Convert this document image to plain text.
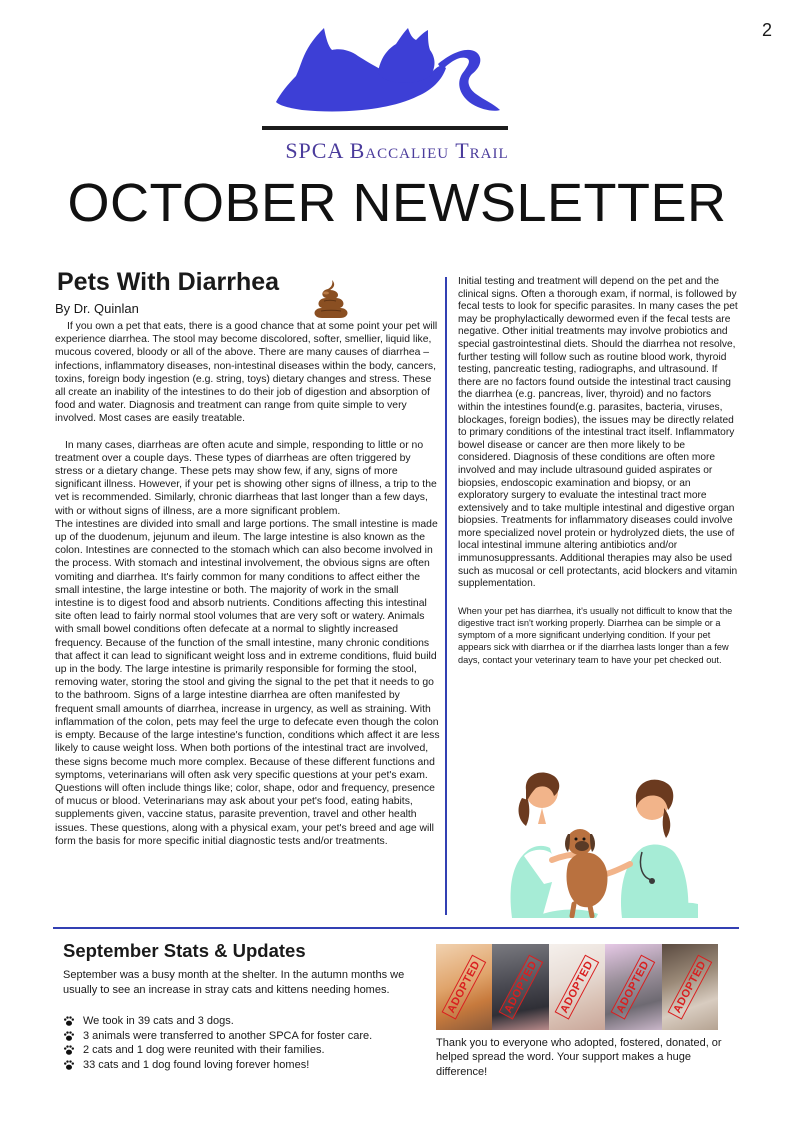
2
SPCA Baccalieu Trail
OCTOBER NEWSLETTER
Pets With Diarrhea
By Dr. Quinlan

If you own a pet that eats, there is a good chance that at some point your pet will experience diarrhea. The stool may become discolored, softer, smellier, liquid like, mucous covered, bloody or all of the above. There are many causes of diarrhea – infections, inflammatory diseases, non-intestinal diseases within the body, cancers, toxins, foreign body ingestion (e.g. string, toys) dietary changes and stress. These all create an inability of the intestines to do their job of digestion and absorption of food and water. Diagnosis and treatment can range from quite simple to very involved. Most cases are easily treatable.

In many cases, diarrheas are often acute and simple, responding to little or no treatment over a couple days. These types of diarrheas are often triggered by stress or a dietary change. These pets may show few, if any, signs of more significant illness. However, if your pet is showing other signs of illness, a trip to the vet is recommended. Similarly, chronic diarrheas that last longer than a few days, with or without signs of illness, are a more significant problem.

The intestines are divided into small and large portions. The small intestine is made up of the duodenum, jejunum and ileum. The large intestine is also known as the colon. Intestines are connected to the stomach which can also become involved in the process. With stomach and intestinal involvement, the obvious signs are often vomiting and diarrhea. It's fairly common for many conditions to affect either the small intestine, the large intestine or both. The majority of work in the small intestine is to digest food and absorb nutrients. Conditions affecting this intestinal site often lead to fairly normal stool volumes that are very soft or watery. Animals with small bowel conditions often defecate at a normal to slightly increased frequency. Because of the function of the small intestine, many chronic conditions that affect it can lead to significant weight loss and in extreme conditions, fluid build up in the body. The large intestine is primarily responsible for forming the stool, removing water, storing the stool and giving the signal to the pet that it needs to go to the bathroom. Signs of a large intestine diarrhea are often manifested by frequent small amounts of diarrhea, increase in urgency, as well as straining. With inflammation of the colon, pets may feel the urge to defecate even though the colon is empty. Because of the large intestine's function, conditions which affect it are less likely to cause weight loss. When both portions of the intestinal tract are involved, these signs become much more complex. Because of these different functions and symptoms, veterinarians will often ask very specific questions at your pet's exam. Questions will often include things like; color, shape, odor and frequency, presence of mucus or blood. Veterinarians may ask about your pet's food, eating habits, supplements given, vaccine status, parasite prevention, travel and other health issues. These questions, along with a physical exam, your pet's breed and age will form the basis for more specific initial diagnostic tests and/or treatments.

Initial testing and treatment will depend on the pet and the clinical signs. Often a thorough exam, if normal, is followed by fecal tests to look for specific parasites. In many cases the pet may be prophylactically dewormed even if the fecal tests are negative. Other initial treatments may involve probiotics and special gastrointestinal diets. Should the diarrhea not resolve, further testing will follow such as routine blood work, thyroid testing, pancreatic testing, radiographs, and ultrasound. If there are no factors found outside the intestinal tract causing the diarrhea (e.g. pancreas, liver, thyroid) and no factors within the intestines found(e.g. parasites, bacteria, viruses, blockages, foreign bodies), the issues may be directly related to primary conditions of the intestinal tract itself. Inflammatory bowel disease or cancer are then more likely to be considered. Diagnosis of these conditions are often more involved and may include ultrasound guided aspirates or biopsies, endoscopic examination and biopsy, or an exploratory surgery to evaluate the intestinal tract more extensively and to take multiple intestinal and digestive organ biopsies. Treatments for inflammatory diseases could involve more specialized novel protein or hydrolyzed diets, the use of local intestinal immune altering antibiotics and/or immunosuppressants. Additional therapies may also be used such as mucosal or cell protectants, acid blockers and vitamin supplementation.

When your pet has diarrhea, it's usually not difficult to know that the digestive tract isn't working properly. Diarrhea can be simple or a symptom of a more significant underlying condition. If your pet appears sick with diarrhea or if the diarrhea lasts longer than a few days, contact your veterinary team to have your pet checked out.

September Stats & Updates
September was a busy month at the shelter. In the autumn months we usually to see an increase in stray cats and kittens needing homes.
We took in 39 cats and 3 dogs.
3 animals were transferred to another SPCA for foster care.
2 cats and 1 dog were reunited with their families.
33 cats and 1 dog found loving forever homes!
ADOPTED	ADOPTED	ADOPTED	ADOPTED	ADOPTED
Thank you to everyone who adopted, fostered, donated, or helped spread the word. Your support makes a huge difference!
